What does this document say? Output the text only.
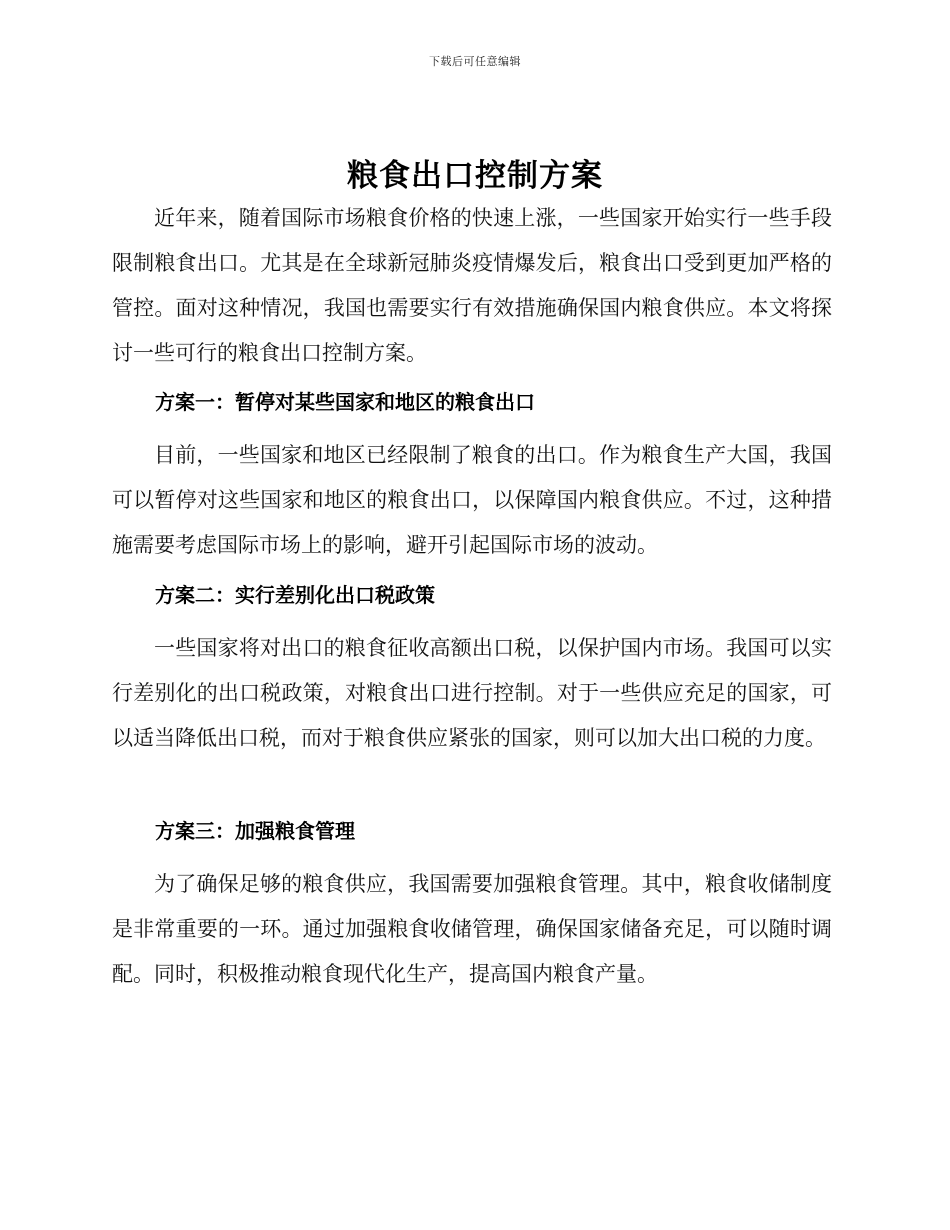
下载后可任意编辑
粮食出口控制方案

近年来，随着国际市场粮食价格的快速上涨，一些国家开始实行一些手段限制粮食出口。尤其是在全球新冠肺炎疫情爆发后，粮食出口受到更加严格的管控。面对这种情况，我国也需要实行有效措施确保国内粮食供应。本文将探讨一些可行的粮食出口控制方案。

方案一：暂停对某些国家和地区的粮食出口

目前，一些国家和地区已经限制了粮食的出口。作为粮食生产大国，我国可以暂停对这些国家和地区的粮食出口，以保障国内粮食供应。不过，这种措施需要考虑国际市场上的影响，避开引起国际市场的波动。

方案二：实行差别化出口税政策

一些国家将对出口的粮食征收高额出口税，以保护国内市场。我国可以实行差别化的出口税政策，对粮食出口进行控制。对于一些供应充足的国家，可以适当降低出口税，而对于粮食供应紧张的国家，则可以加大出口税的力度。

方案三：加强粮食管理

为了确保足够的粮食供应，我国需要加强粮食管理。其中，粮食收储制度是非常重要的一环。通过加强粮食收储管理，确保国家储备充足，可以随时调配。同时，积极推动粮食现代化生产，提高国内粮食产量。
